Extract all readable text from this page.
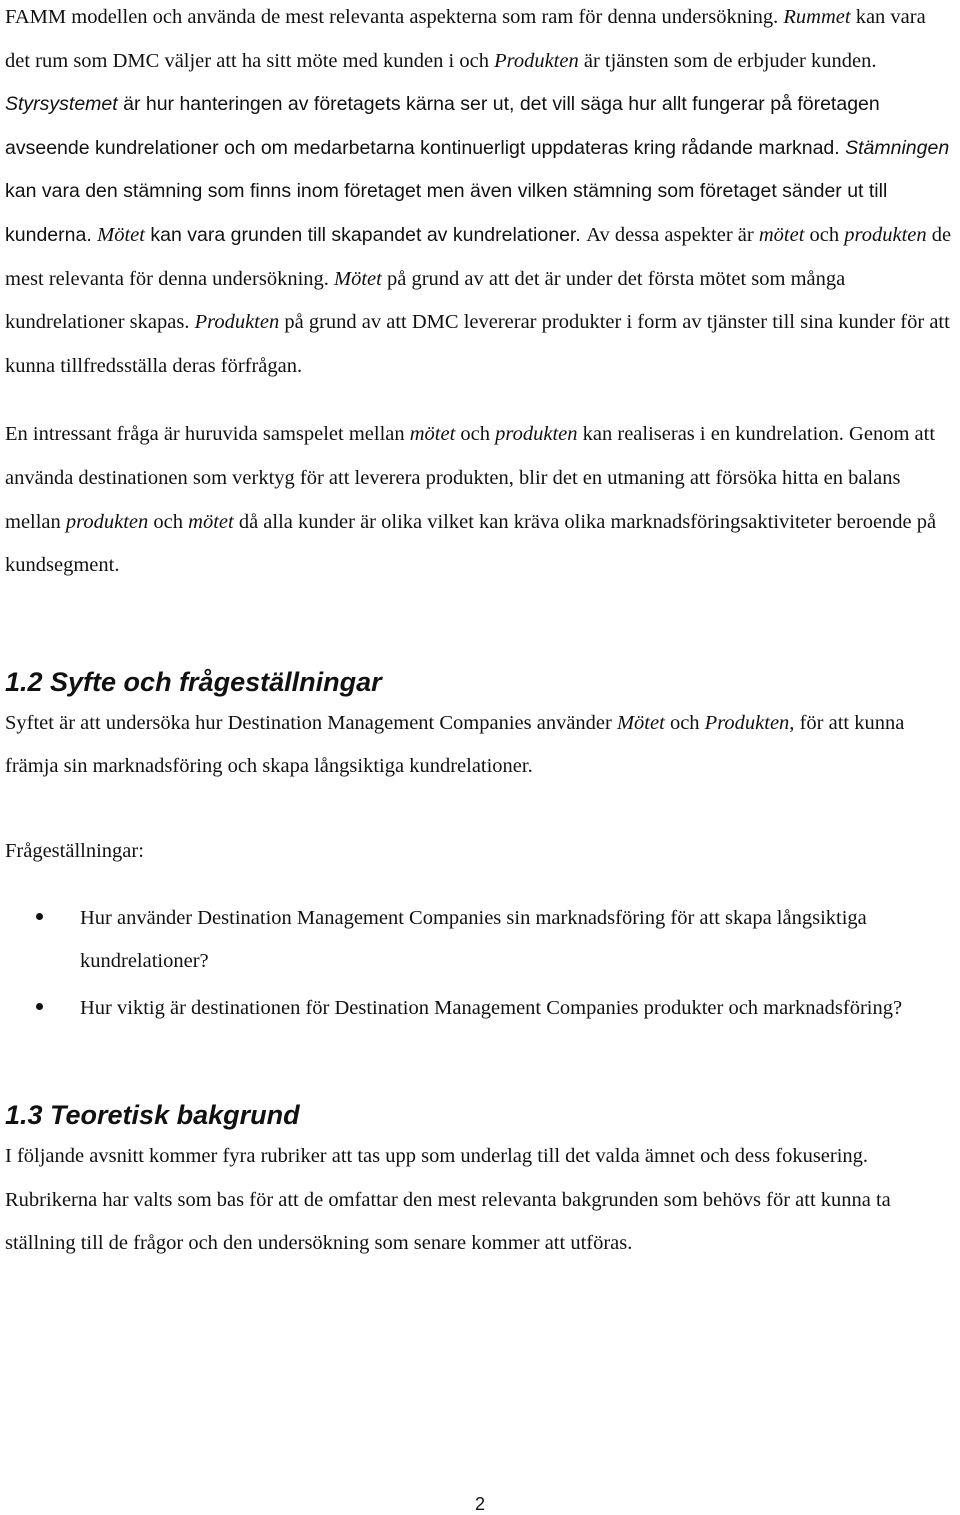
FAMM modellen och använda de mest relevanta aspekterna som ram för denna undersökning. Rummet kan vara det rum som DMC väljer att ha sitt möte med kunden i och Produkten är tjänsten som de erbjuder kunden. Styrsystemet är hur hanteringen av företagets kärna ser ut, det vill säga hur allt fungerar på företagen avseende kundrelationer och om medarbetarna kontinuerligt uppdateras kring rådande marknad. Stämningen kan vara den stämning som finns inom företaget men även vilken stämning som företaget sänder ut till kunderna. Mötet kan vara grunden till skapandet av kundrelationer. Av dessa aspekter är mötet och produkten de mest relevanta för denna undersökning. Mötet på grund av att det är under det första mötet som många kundrelationer skapas. Produkten på grund av att DMC levererar produkter i form av tjänster till sina kunder för att kunna tillfredsställa deras förfrågan.

En intressant fråga är huruvida samspelet mellan mötet och produkten kan realiseras i en kundrelation. Genom att använda destinationen som verktyg för att leverera produkten, blir det en utmaning att försöka hitta en balans mellan produkten och mötet då alla kunder är olika vilket kan kräva olika marknadsföringsaktiviteter beroende på kundsegment.

1.2 Syfte och frågeställningar

Syftet är att undersöka hur Destination Management Companies använder Mötet och Produkten, för att kunna främja sin marknadsföring och skapa långsiktiga kundrelationer.

Frågeställningar:

Hur använder Destination Management Companies sin marknadsföring för att skapa långsiktiga kundrelationer?
Hur viktig är destinationen för Destination Management Companies produkter och marknadsföring?
1.3 Teoretisk bakgrund

I följande avsnitt kommer fyra rubriker att tas upp som underlag till det valda ämnet och dess fokusering. Rubrikerna har valts som bas för att de omfattar den mest relevanta bakgrunden som behövs för att kunna ta ställning till de frågor och den undersökning som senare kommer att utföras.

2
